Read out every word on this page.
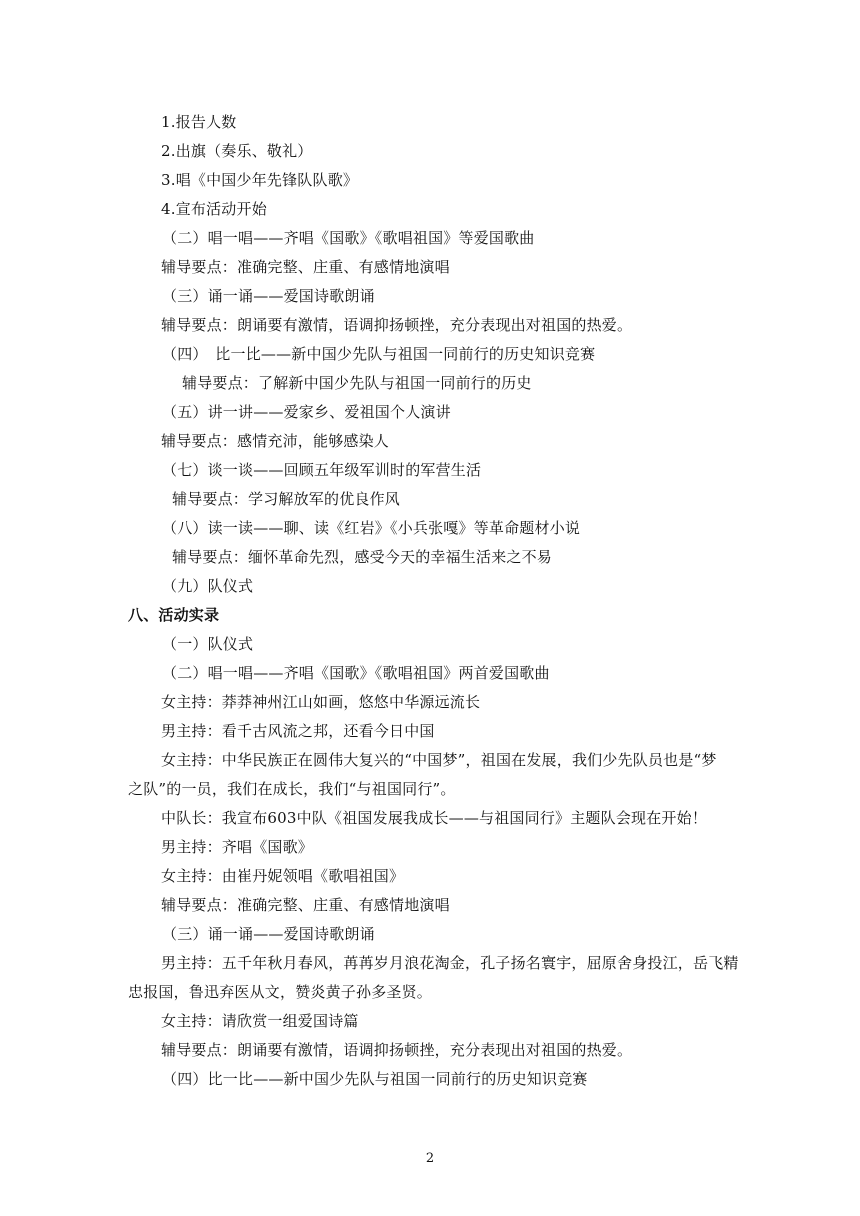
1.报告人数
2.出旗（奏乐、敬礼）
3.唱《中国少年先锋队队歌》
4.宣布活动开始
（二）唱一唱——齐唱《国歌》《歌唱祖国》等爱国歌曲
辅导要点：准确完整、庄重、有感情地演唱
（三）诵一诵——爱国诗歌朗诵
辅导要点：朗诵要有激情，语调抑扬顿挫，充分表现出对祖国的热爱。
（四）　比一比——新中国少先队与祖国一同前行的历史知识竞赛
辅导要点：了解新中国少先队与祖国一同前行的历史
（五）讲一讲——爱家乡、爱祖国个人演讲
辅导要点：感情充沛，能够感染人
（七）谈一谈——回顾五年级军训时的军营生活
辅导要点：学习解放军的优良作风
（八）读一读——聊、读《红岩》《小兵张嘎》等革命题材小说
辅导要点：缅怀革命先烈，感受今天的幸福生活来之不易
（九）队仪式
八、活动实录
（一）队仪式
（二）唱一唱——齐唱《国歌》《歌唱祖国》两首爱国歌曲
女主持：莽莽神州江山如画，悠悠中华源远流长
男主持：看千古风流之邦，还看今日中国
女主持：中华民族正在圆伟大复兴的“中国梦”，祖国在发展，我们少先队员也是“梦
之队”的一员，我们在成长，我们“与祖国同行”。
中队长：我宣布603中队《祖国发展我成长——与祖国同行》主题队会现在开始！
男主持：齐唱《国歌》
女主持：由崔丹妮领唱《歌唱祖国》
辅导要点：准确完整、庄重、有感情地演唱
（三）诵一诵——爱国诗歌朗诵
男主持：五千年秋月春风，苒苒岁月浪花淘金，孔子扬名寰宇，屈原舍身投江，岳飞精
忠报国，鲁迅弃医从文，赞炎黄子孙多圣贤。
女主持：请欣赏一组爱国诗篇
辅导要点：朗诵要有激情，语调抑扬顿挫，充分表现出对祖国的热爱。
（四）比一比——新中国少先队与祖国一同前行的历史知识竞赛
2
